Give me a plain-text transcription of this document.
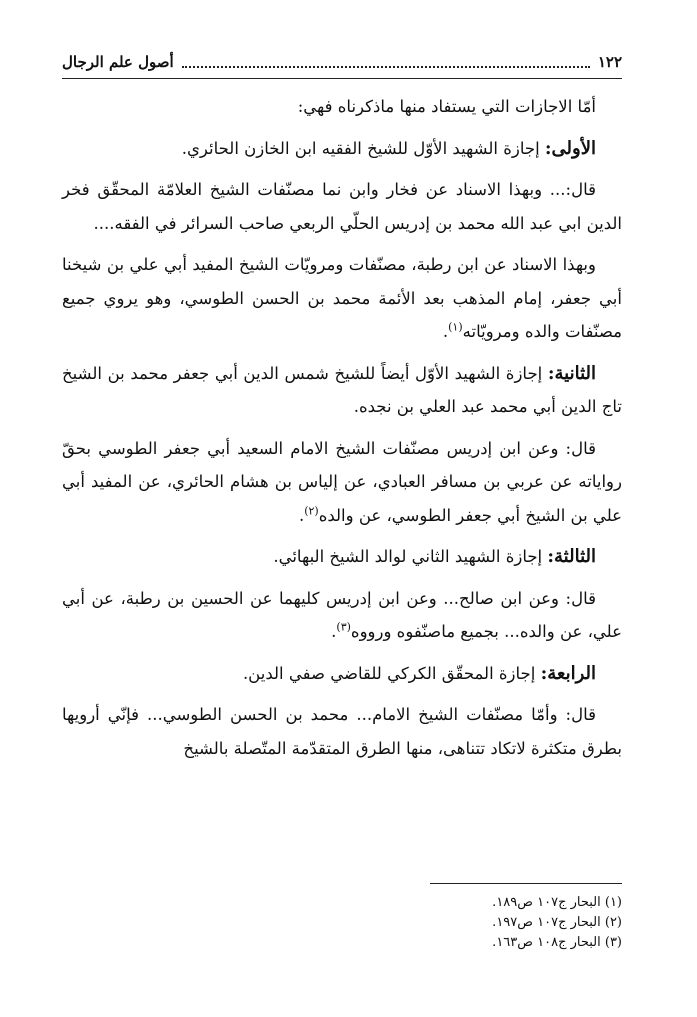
١٢٢
أصول علم الرجال

أمّا الاجازات التي يستفاد منها ماذكرناه فهي:

الأولى: إجازة الشهيد الأوّل للشيخ الفقيه ابن الخازن الحائري.

قال:... وبهذا الاسناد عن فخار وابن نما مصنّفات الشيخ العلامّة المحقّق فخر الدين ابي عبد الله محمد بن إدريس الحلّي الربعي صاحب السرائر في الفقه....

وبهذا الاسناد عن ابن رطبة، مصنّفات ومرويّات الشيخ المفيد أبي علي بن شيخنا أبي جعفر، إمام المذهب بعد الأئمة محمد بن الحسن الطوسي، وهو يروي جميع مصنّفات والده ومرويّاته$^{(١)}$.

الثانية: إجازة الشهيد الأوّل أيضاً للشيخ شمس الدين أبي جعفر محمد بن الشيخ تاج الدين أبي محمد عبد العلي بن نجده.

قال: وعن ابن إدريس مصنّفات الشيخ الامام السعيد أبي جعفر الطوسي بحقّ رواياته عن عربي بن مسافر العبادي، عن إلياس بن هشام الحائري، عن المفيد أبي علي بن الشيخ أبي جعفر الطوسي، عن والده$^{(٢)}$.

الثالثة: إجازة الشهيد الثاني لوالد الشيخ البهائي.

قال: وعن ابن صالح... وعن ابن إدريس كليهما عن الحسين بن رطبة، عن أبي علي، عن والده... بجميع ماصنّفوه ورووه$^{(٣)}$.

الرابعة: إجازة المحقّق الكركي للقاضي صفي الدين.

قال: وأمّا مصنّفات الشيخ الامام... محمد بن الحسن الطوسي... فإنّي أرويها بطرق متكثرة لاتكاد تتناهى، منها الطرق المتقدّمة المتّصلة بالشيخ

(١) البحار ج١٠٧ ص١٨٩.
(٢) البحار ج١٠٧ ص١٩٧.
(٣) البحار ج١٠٨ ص١٦٣.
